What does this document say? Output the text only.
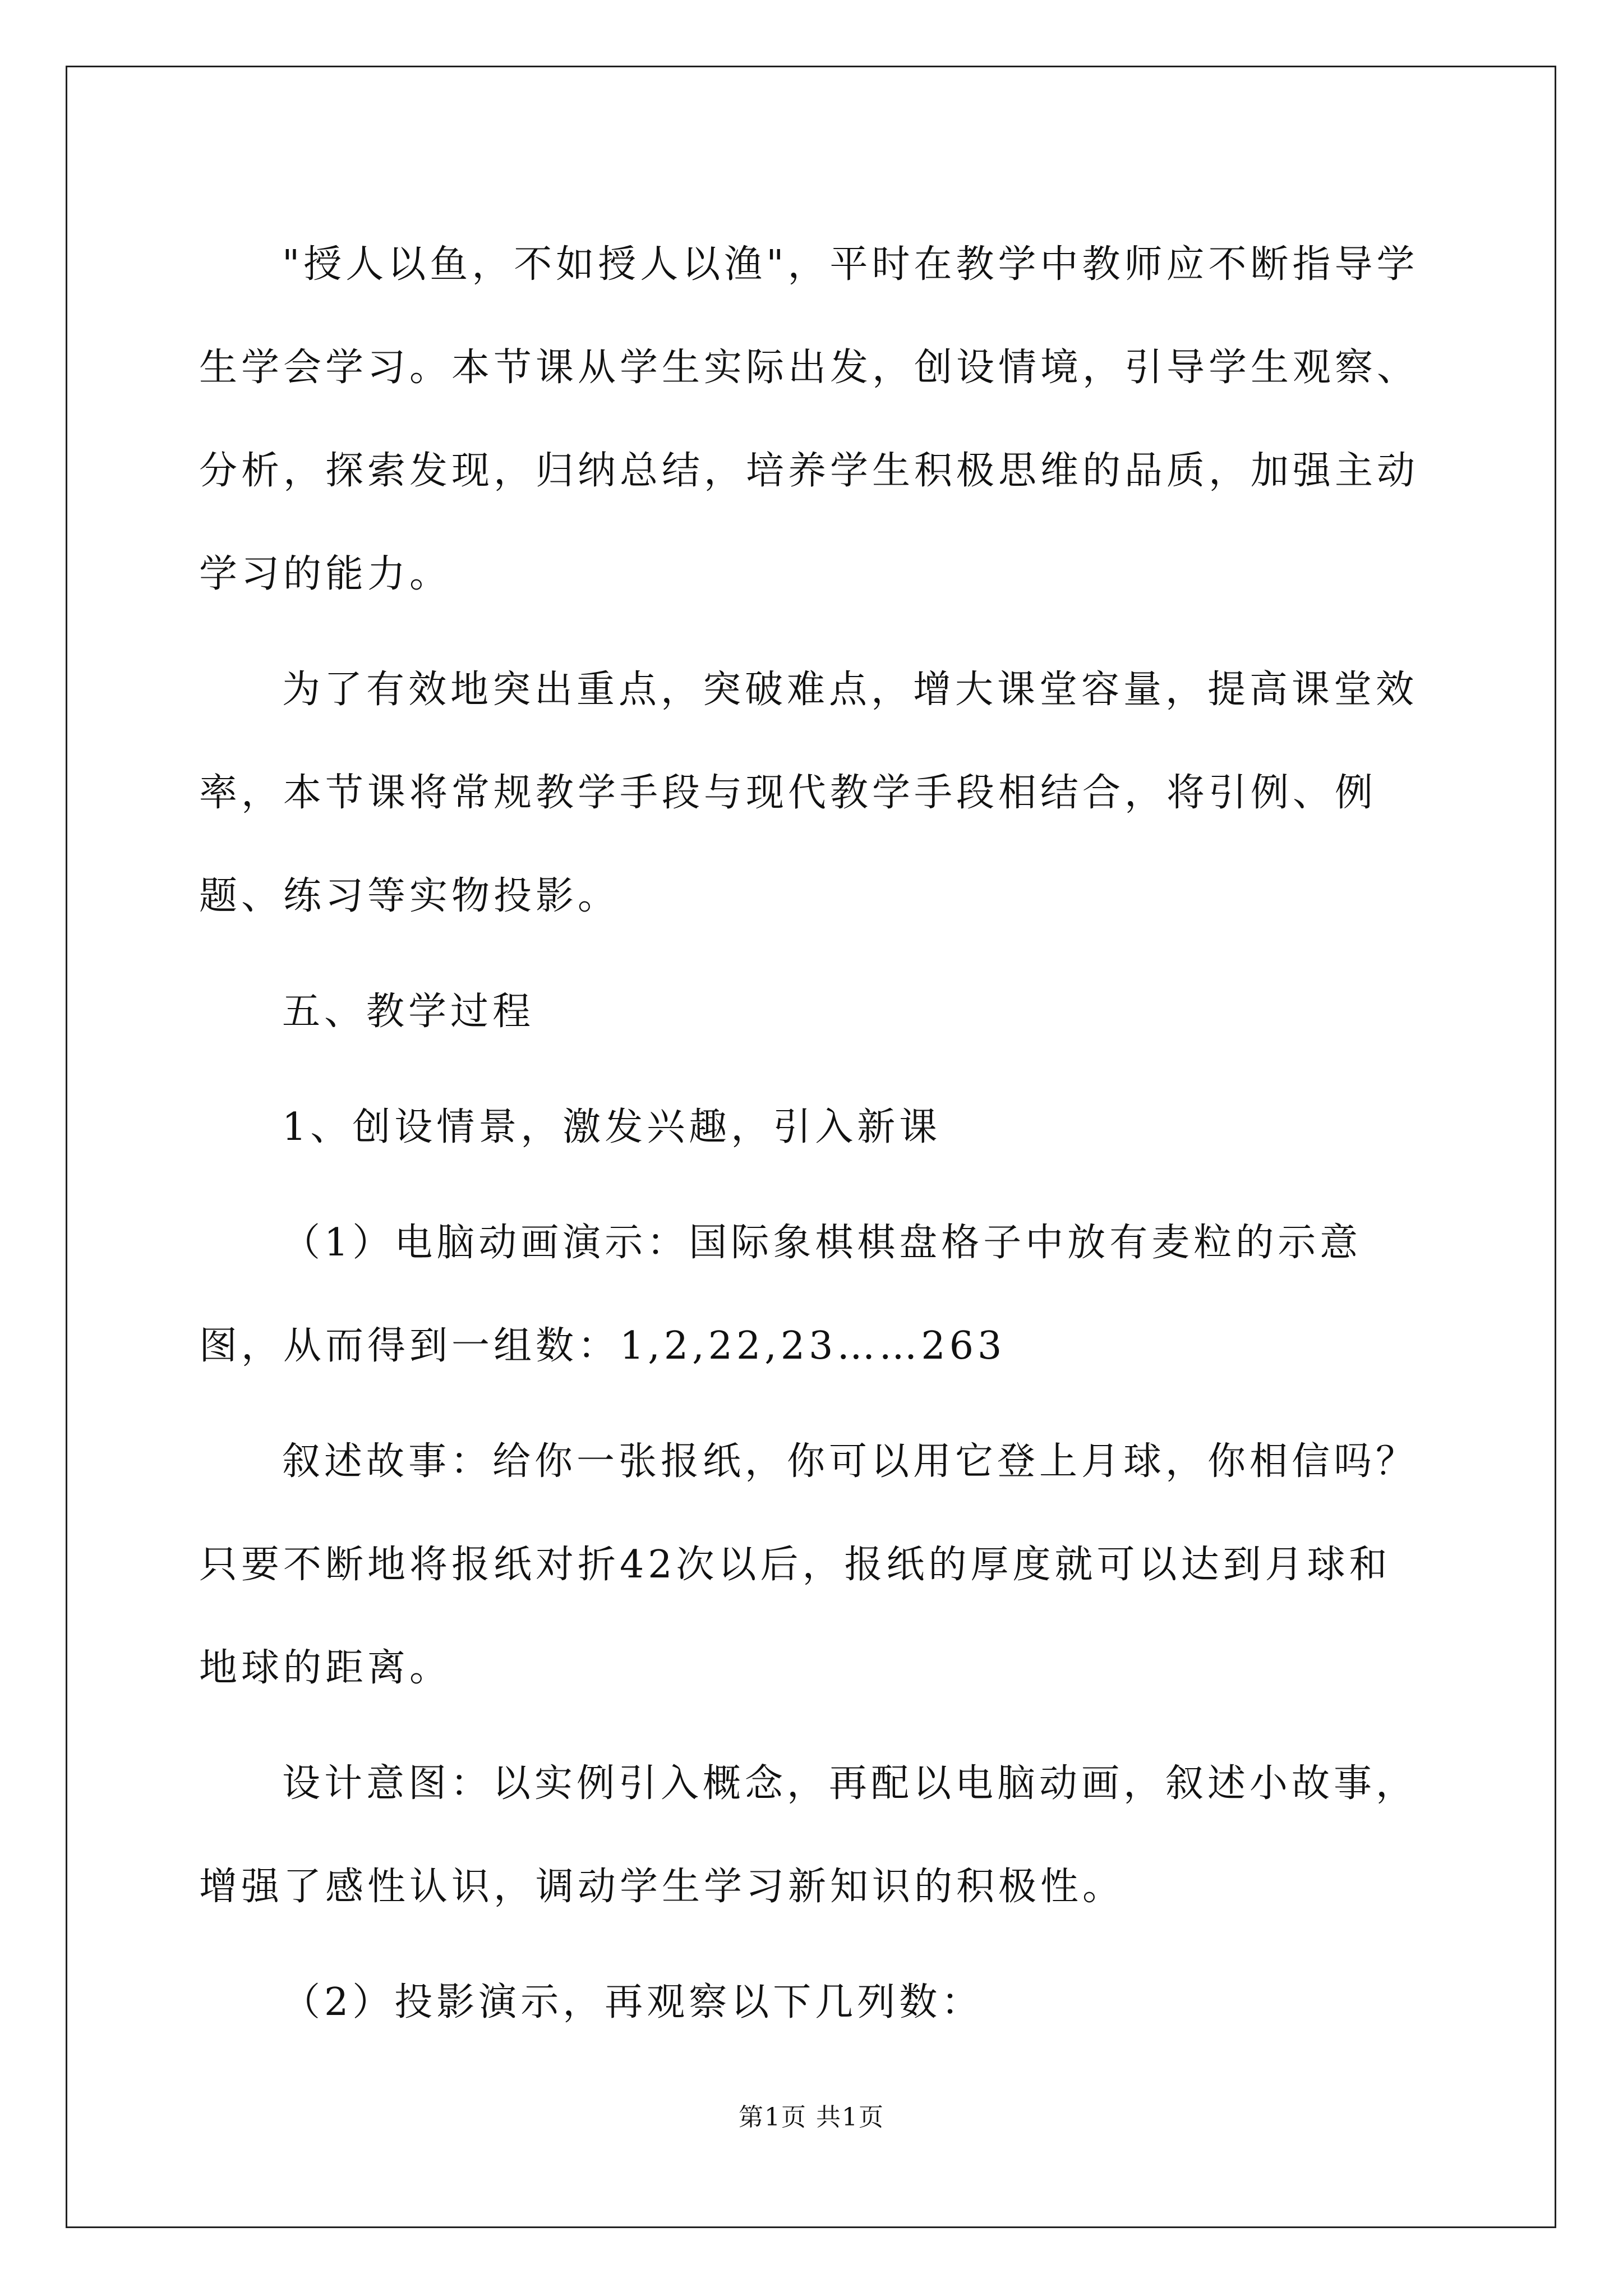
"授人以鱼，不如授人以渔"，平时在教学中教师应不断指导学生学会学习。本节课从学生实际出发，创设情境，引导学生观察、分析，探索发现，归纳总结，培养学生积极思维的品质，加强主动学习的能力。

为了有效地突出重点，突破难点，增大课堂容量，提高课堂效率，本节课将常规教学手段与现代教学手段相结合，将引例、例题、练习等实物投影。

五、教学过程

1、创设情景，激发兴趣，引入新课

（1）电脑动画演示：国际象棋棋盘格子中放有麦粒的示意图，从而得到一组数：1,2,22,23……263

叙述故事：给你一张报纸，你可以用它登上月球，你相信吗？只要不断地将报纸对折42次以后，报纸的厚度就可以达到月球和地球的距离。

设计意图：以实例引入概念，再配以电脑动画，叙述小故事，增强了感性认识，调动学生学习新知识的积极性。

（2）投影演示，再观察以下几列数：

第1页 共1页
